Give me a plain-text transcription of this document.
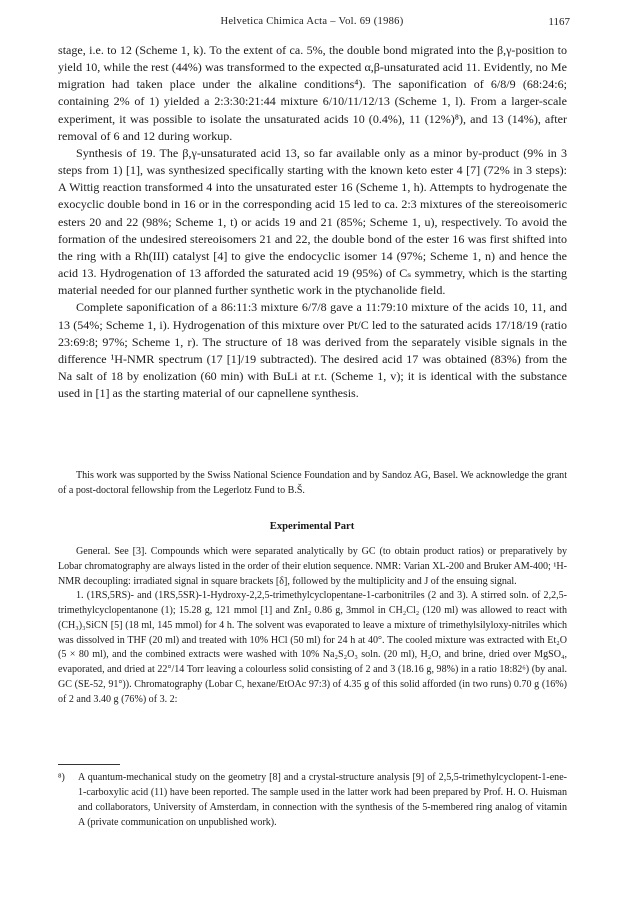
Helvetica Chimica Acta – Vol. 69 (1986)	1167

stage, i.e. to 12 (Scheme 1, k). To the extent of ca. 5%, the double bond migrated into the β,γ-position to yield 10, while the rest (44%) was transformed to the expected α,β-unsaturated acid 11. Evidently, no Me migration had taken place under the alkaline conditions⁴). The saponification of 6/8/9 (68:24:6; containing 2% of 1) yielded a 2:3:30:21:44 mixture 6/10/11/12/13 (Scheme 1, l). From a larger-scale experiment, it was possible to isolate the unsaturated acids 10 (0.4%), 11 (12%)⁸), and 13 (14%), after removal of 6 and 12 during workup.

Synthesis of 19. The β,γ-unsaturated acid 13, so far available only as a minor by-product (9% in 3 steps from 1) [1], was synthesized specifically starting with the known keto ester 4 [7] (72% in 3 steps): A Wittig reaction transformed 4 into the unsaturated ester 16 (Scheme 1, h). Attempts to hydrogenate the exocyclic double bond in 16 or in the corresponding acid 15 led to ca. 2:3 mixtures of the stereoisomeric esters 20 and 22 (98%; Scheme 1, t) or acids 19 and 21 (85%; Scheme 1, u), respectively. To avoid the formation of the undesired stereoisomers 21 and 22, the double bond of the ester 16 was first shifted into the ring with a Rh(III) catalyst [4] to give the endocyclic isomer 14 (97%; Scheme 1, n) and hence the acid 13. Hydrogenation of 13 afforded the saturated acid 19 (95%) of Cₛ symmetry, which is the starting material needed for our planned further synthetic work in the ptychanolide field.

Complete saponification of a 86:11:3 mixture 6/7/8 gave a 11:79:10 mixture of the acids 10, 11, and 13 (54%; Scheme 1, i). Hydrogenation of this mixture over Pt/C led to the saturated acids 17/18/19 (ratio 23:69:8; 97%; Scheme 1, r). The structure of 18 was derived from the separately visible signals in the difference ¹H-NMR spectrum (17 [1]/19 subtracted). The desired acid 17 was obtained (83%) from the Na salt of 18 by enolization (60 min) with BuLi at r.t. (Scheme 1, v); it is identical with the substance used in [1] as the starting material of our capnellene synthesis.

This work was supported by the Swiss National Science Foundation and by Sandoz AG, Basel. We acknowledge the grant of a post-doctoral fellowship from the Legerlotz Fund to B.Š.

Experimental Part

General. See [3]. Compounds which were separated analytically by GC (to obtain product ratios) or preparatively by Lobar chromatography are always listed in the order of their elution sequence. NMR: Varian XL-200 and Bruker AM-400; ¹H-NMR decoupling: irradiated signal in square brackets [δ], followed by the multiplicity and J of the ensuing signal.

1. (1RS,5RS)- and (1RS,5SR)-1-Hydroxy-2,2,5-trimethylcyclopentane-1-carbonitriles (2 and 3). A stirred soln. of 2,2,5-trimethylcyclopentanone (1); 15.28 g, 121 mmol [1] and ZnI₂ 0.86 g, 3mmol in CH₂Cl₂ (120 ml) was allowed to react with (CH₃)₃SiCN [5] (18 ml, 145 mmol) for 4 h. The solvent was evaporated to leave a mixture of trimethylsilyloxy-nitriles which was dissolved in THF (20 ml) and treated with 10% HCl (50 ml) for 24 h at 40°. The cooled mixture was extracted with Et₂O (5 × 80 ml), and the combined extracts were washed with 10% Na₂S₂O₃ soln. (20 ml), H₂O, and brine, dried over MgSO₄, evaporated, and dried at 22°/14 Torr leaving a colourless solid consisting of 2 and 3 (18.16 g, 98%) in a ratio 18:82⁶) (by anal. GC (SE-52, 91°)). Chromatography (Lobar C, hexane/EtOAc 97:3) of 4.35 g of this solid afforded (in two runs) 0.70 g (16%) of 2 and 3.40 g (76%) of 3. 2:

⁸) A quantum-mechanical study on the geometry [8] and a crystal-structure analysis [9] of 2,5,5-trimethylcyclopent-1-ene-1-carboxylic acid (11) have been reported. The sample used in the latter work had been prepared by Prof. H. O. Huisman and collaborators, University of Amsterdam, in connection with the synthesis of the 5-membered ring analog of vitamin A (private communication on unpublished work).
